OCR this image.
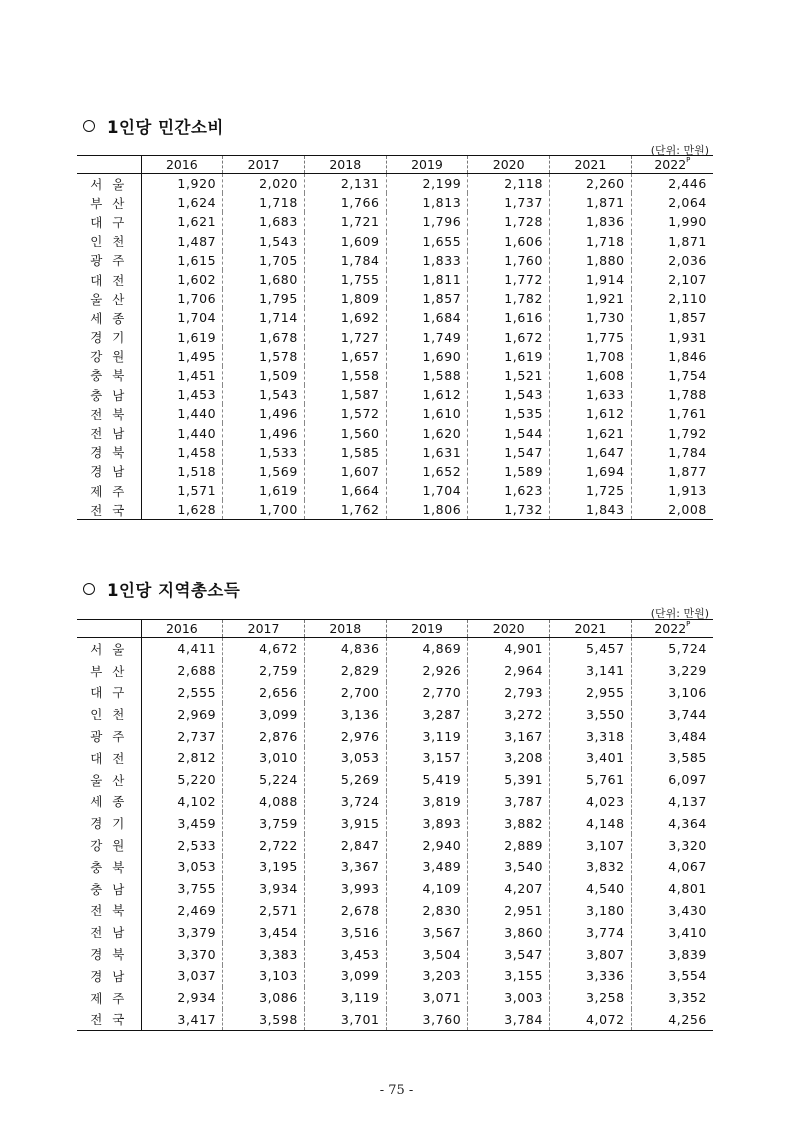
1인당 민간소비
(단위: 만원)
	2016	2017	2018	2019	2020	2021	$2022^P$
서 울	1,920	2,020	2,131	2,199	2,118	2,260	2,446
부 산	1,624	1,718	1,766	1,813	1,737	1,871	2,064
대 구	1,621	1,683	1,721	1,796	1,728	1,836	1,990
인 천	1,487	1,543	1,609	1,655	1,606	1,718	1,871
광 주	1,615	1,705	1,784	1,833	1,760	1,880	2,036
대 전	1,602	1,680	1,755	1,811	1,772	1,914	2,107
울 산	1,706	1,795	1,809	1,857	1,782	1,921	2,110
세 종	1,704	1,714	1,692	1,684	1,616	1,730	1,857
경 기	1,619	1,678	1,727	1,749	1,672	1,775	1,931
강 원	1,495	1,578	1,657	1,690	1,619	1,708	1,846
충 북	1,451	1,509	1,558	1,588	1,521	1,608	1,754
충 남	1,453	1,543	1,587	1,612	1,543	1,633	1,788
전 북	1,440	1,496	1,572	1,610	1,535	1,612	1,761
전 남	1,440	1,496	1,560	1,620	1,544	1,621	1,792
경 북	1,458	1,533	1,585	1,631	1,547	1,647	1,784
경 남	1,518	1,569	1,607	1,652	1,589	1,694	1,877
제 주	1,571	1,619	1,664	1,704	1,623	1,725	1,913
전 국	1,628	1,700	1,762	1,806	1,732	1,843	2,008
1인당 지역총소득
(단위: 만원)
	2016	2017	2018	2019	2020	2021	$2022^P$
서 울	4,411	4,672	4,836	4,869	4,901	5,457	5,724
부 산	2,688	2,759	2,829	2,926	2,964	3,141	3,229
대 구	2,555	2,656	2,700	2,770	2,793	2,955	3,106
인 천	2,969	3,099	3,136	3,287	3,272	3,550	3,744
광 주	2,737	2,876	2,976	3,119	3,167	3,318	3,484
대 전	2,812	3,010	3,053	3,157	3,208	3,401	3,585
울 산	5,220	5,224	5,269	5,419	5,391	5,761	6,097
세 종	4,102	4,088	3,724	3,819	3,787	4,023	4,137
경 기	3,459	3,759	3,915	3,893	3,882	4,148	4,364
강 원	2,533	2,722	2,847	2,940	2,889	3,107	3,320
충 북	3,053	3,195	3,367	3,489	3,540	3,832	4,067
충 남	3,755	3,934	3,993	4,109	4,207	4,540	4,801
전 북	2,469	2,571	2,678	2,830	2,951	3,180	3,430
전 남	3,379	3,454	3,516	3,567	3,860	3,774	3,410
경 북	3,370	3,383	3,453	3,504	3,547	3,807	3,839
경 남	3,037	3,103	3,099	3,203	3,155	3,336	3,554
제 주	2,934	3,086	3,119	3,071	3,003	3,258	3,352
전 국	3,417	3,598	3,701	3,760	3,784	4,072	4,256
- 75 -
